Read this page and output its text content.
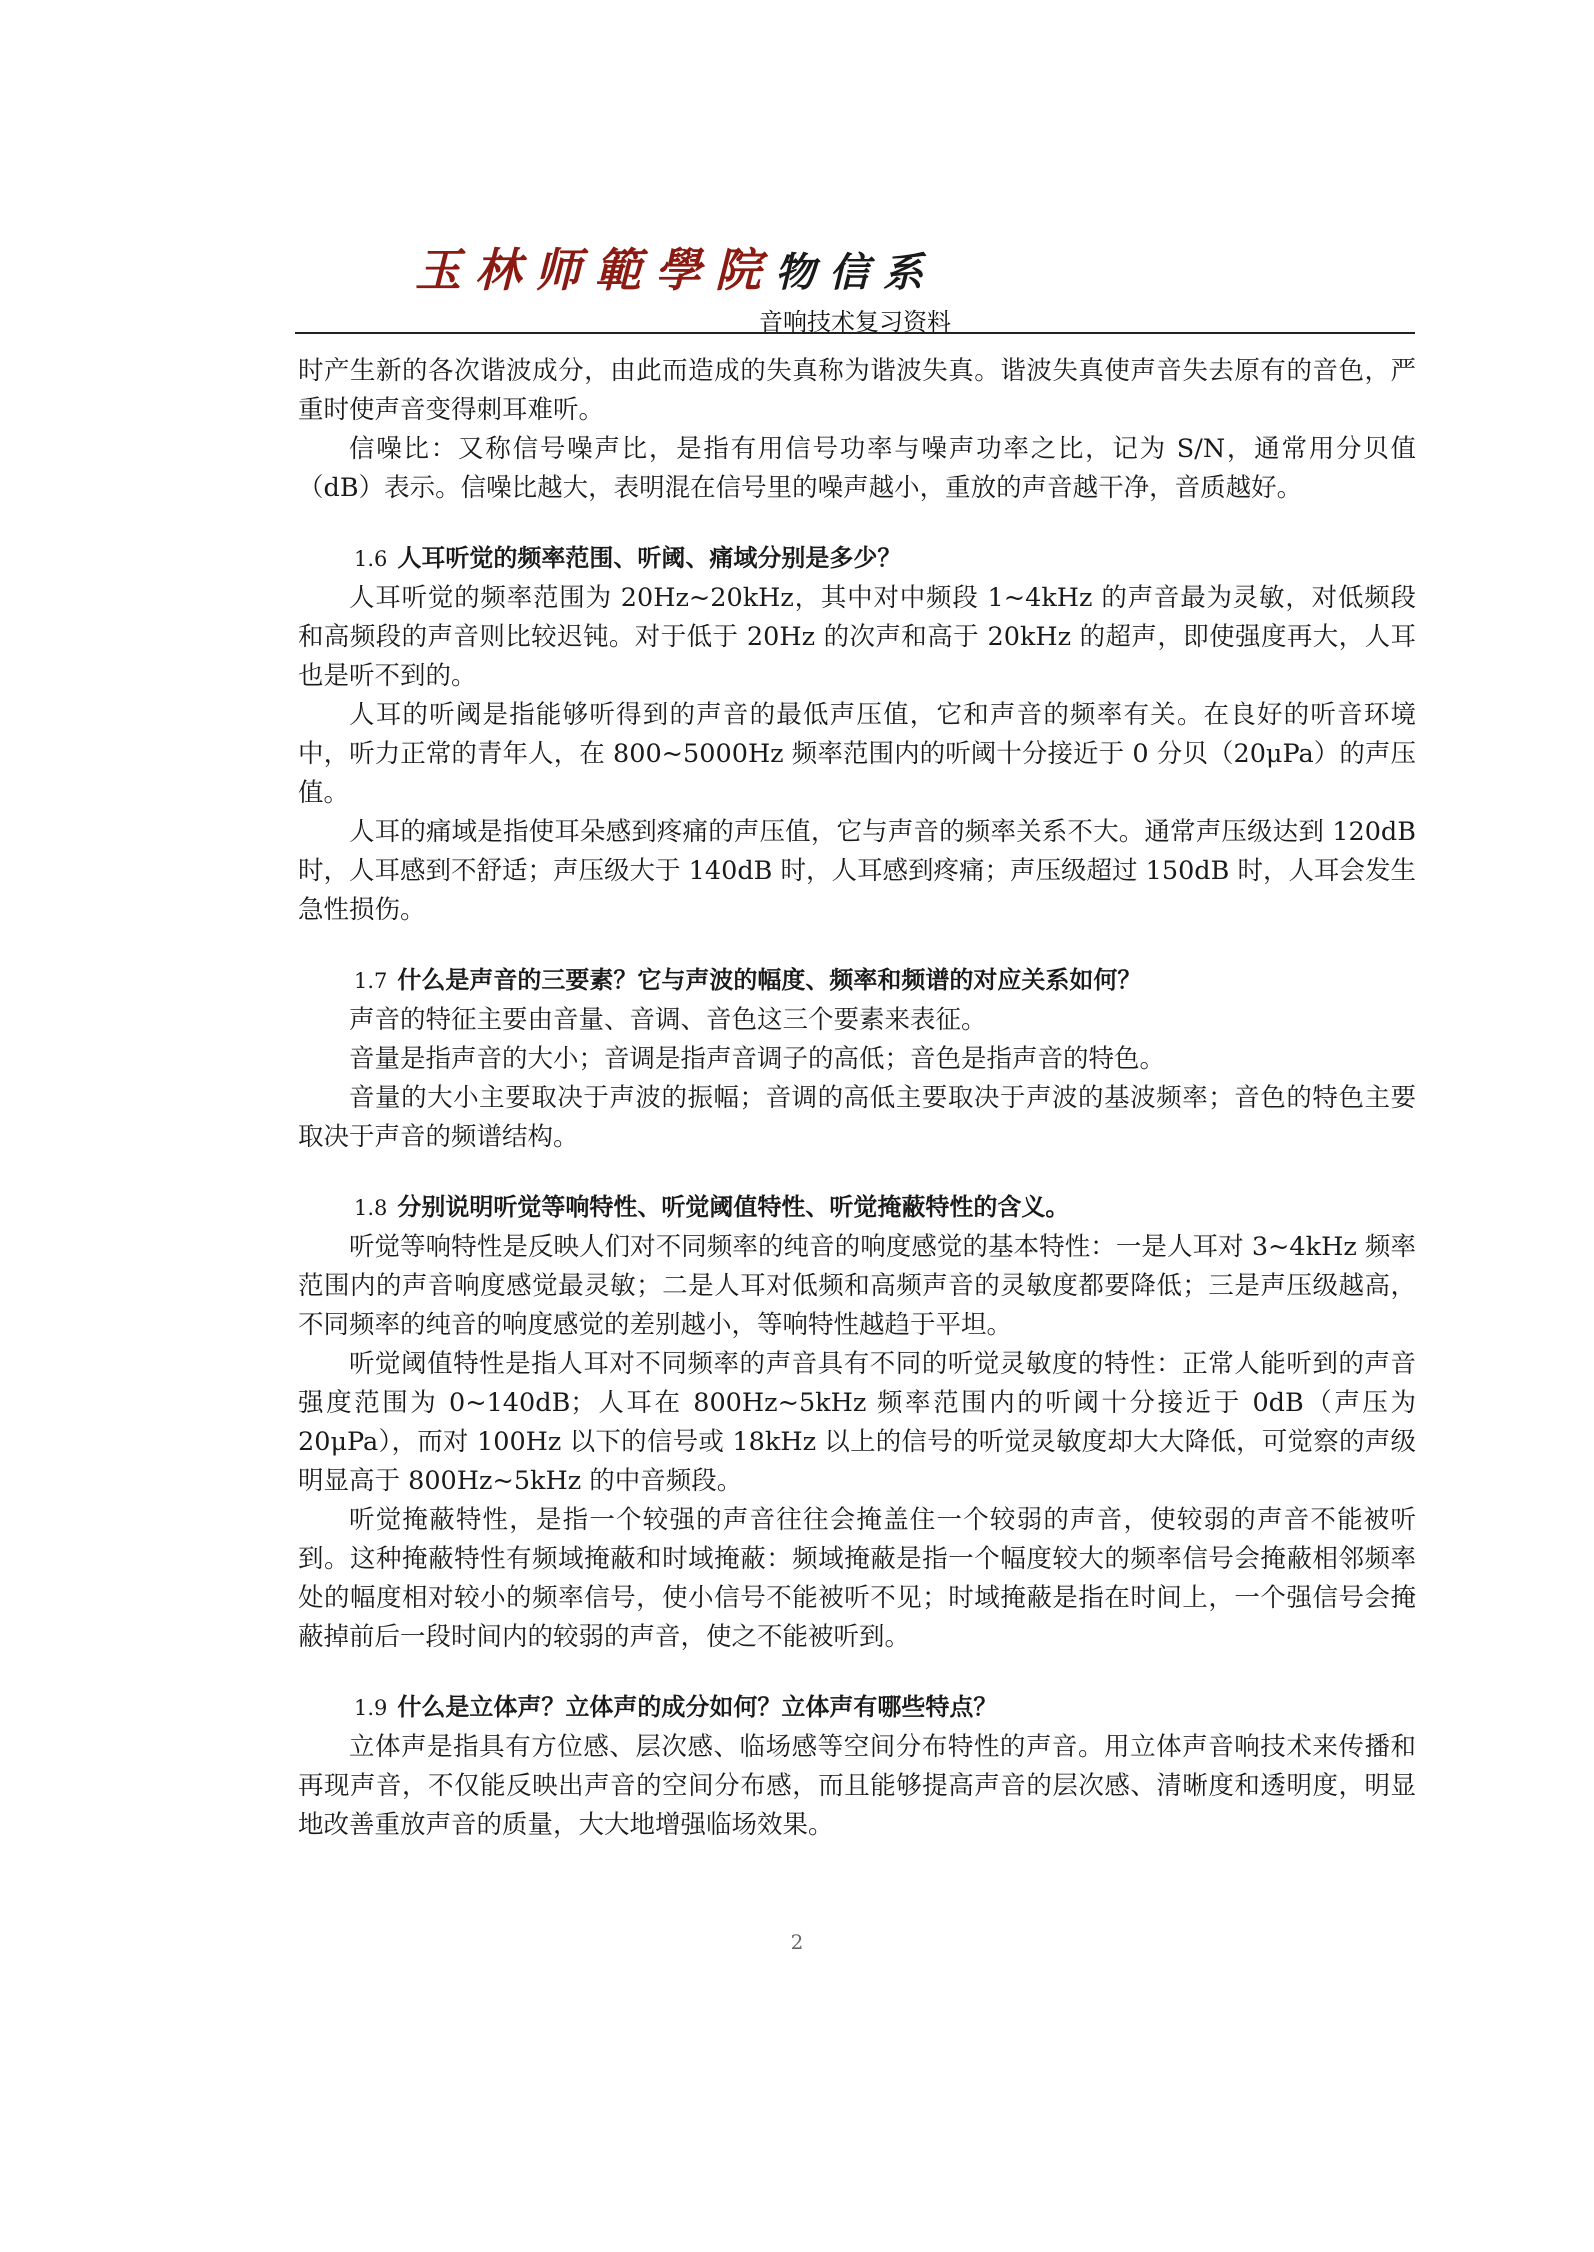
玉林师範學院物信系
音响技术复习资料

时产生新的各次谐波成分，由此而造成的失真称为谐波失真。谐波失真使声音失去原有的音色，严重时使声音变得刺耳难听。

信噪比：又称信号噪声比，是指有用信号功率与噪声功率之比，记为 S/N，通常用分贝值（dB）表示。信噪比越大，表明混在信号里的噪声越小，重放的声音越干净，音质越好。

1.6 人耳听觉的频率范围、听阈、痛域分别是多少？

人耳听觉的频率范围为 20Hz~20kHz，其中对中频段 1~4kHz 的声音最为灵敏，对低频段和高频段的声音则比较迟钝。对于低于 20Hz 的次声和高于 20kHz 的超声，即使强度再大，人耳也是听不到的。

人耳的听阈是指能够听得到的声音的最低声压值，它和声音的频率有关。在良好的听音环境中，听力正常的青年人，在 800~5000Hz 频率范围内的听阈十分接近于 0 分贝（20μPa）的声压值。

人耳的痛域是指使耳朵感到疼痛的声压值，它与声音的频率关系不大。通常声压级达到 120dB 时，人耳感到不舒适；声压级大于 140dB 时，人耳感到疼痛；声压级超过 150dB 时，人耳会发生急性损伤。

1.7 什么是声音的三要素？它与声波的幅度、频率和频谱的对应关系如何？

声音的特征主要由音量、音调、音色这三个要素来表征。

音量是指声音的大小；音调是指声音调子的高低；音色是指声音的特色。

音量的大小主要取决于声波的振幅；音调的高低主要取决于声波的基波频率；音色的特色主要取决于声音的频谱结构。

1.8 分别说明听觉等响特性、听觉阈值特性、听觉掩蔽特性的含义。

听觉等响特性是反映人们对不同频率的纯音的响度感觉的基本特性：一是人耳对 3~4kHz 频率范围内的声音响度感觉最灵敏；二是人耳对低频和高频声音的灵敏度都要降低；三是声压级越高，不同频率的纯音的响度感觉的差别越小，等响特性越趋于平坦。

听觉阈值特性是指人耳对不同频率的声音具有不同的听觉灵敏度的特性：正常人能听到的声音强度范围为 0~140dB；人耳在 800Hz~5kHz 频率范围内的听阈十分接近于 0dB（声压为 20μPa），而对 100Hz 以下的信号或 18kHz 以上的信号的听觉灵敏度却大大降低，可觉察的声级明显高于 800Hz~5kHz 的中音频段。

听觉掩蔽特性，是指一个较强的声音往往会掩盖住一个较弱的声音，使较弱的声音不能被听到。这种掩蔽特性有频域掩蔽和时域掩蔽：频域掩蔽是指一个幅度较大的频率信号会掩蔽相邻频率处的幅度相对较小的频率信号，使小信号不能被听不见；时域掩蔽是指在时间上，一个强信号会掩蔽掉前后一段时间内的较弱的声音，使之不能被听到。

1.9 什么是立体声？立体声的成分如何？立体声有哪些特点？

立体声是指具有方位感、层次感、临场感等空间分布特性的声音。用立体声音响技术来传播和再现声音，不仅能反映出声音的空间分布感，而且能够提高声音的层次感、清晰度和透明度，明显地改善重放声音的质量，大大地增强临场效果。

2
